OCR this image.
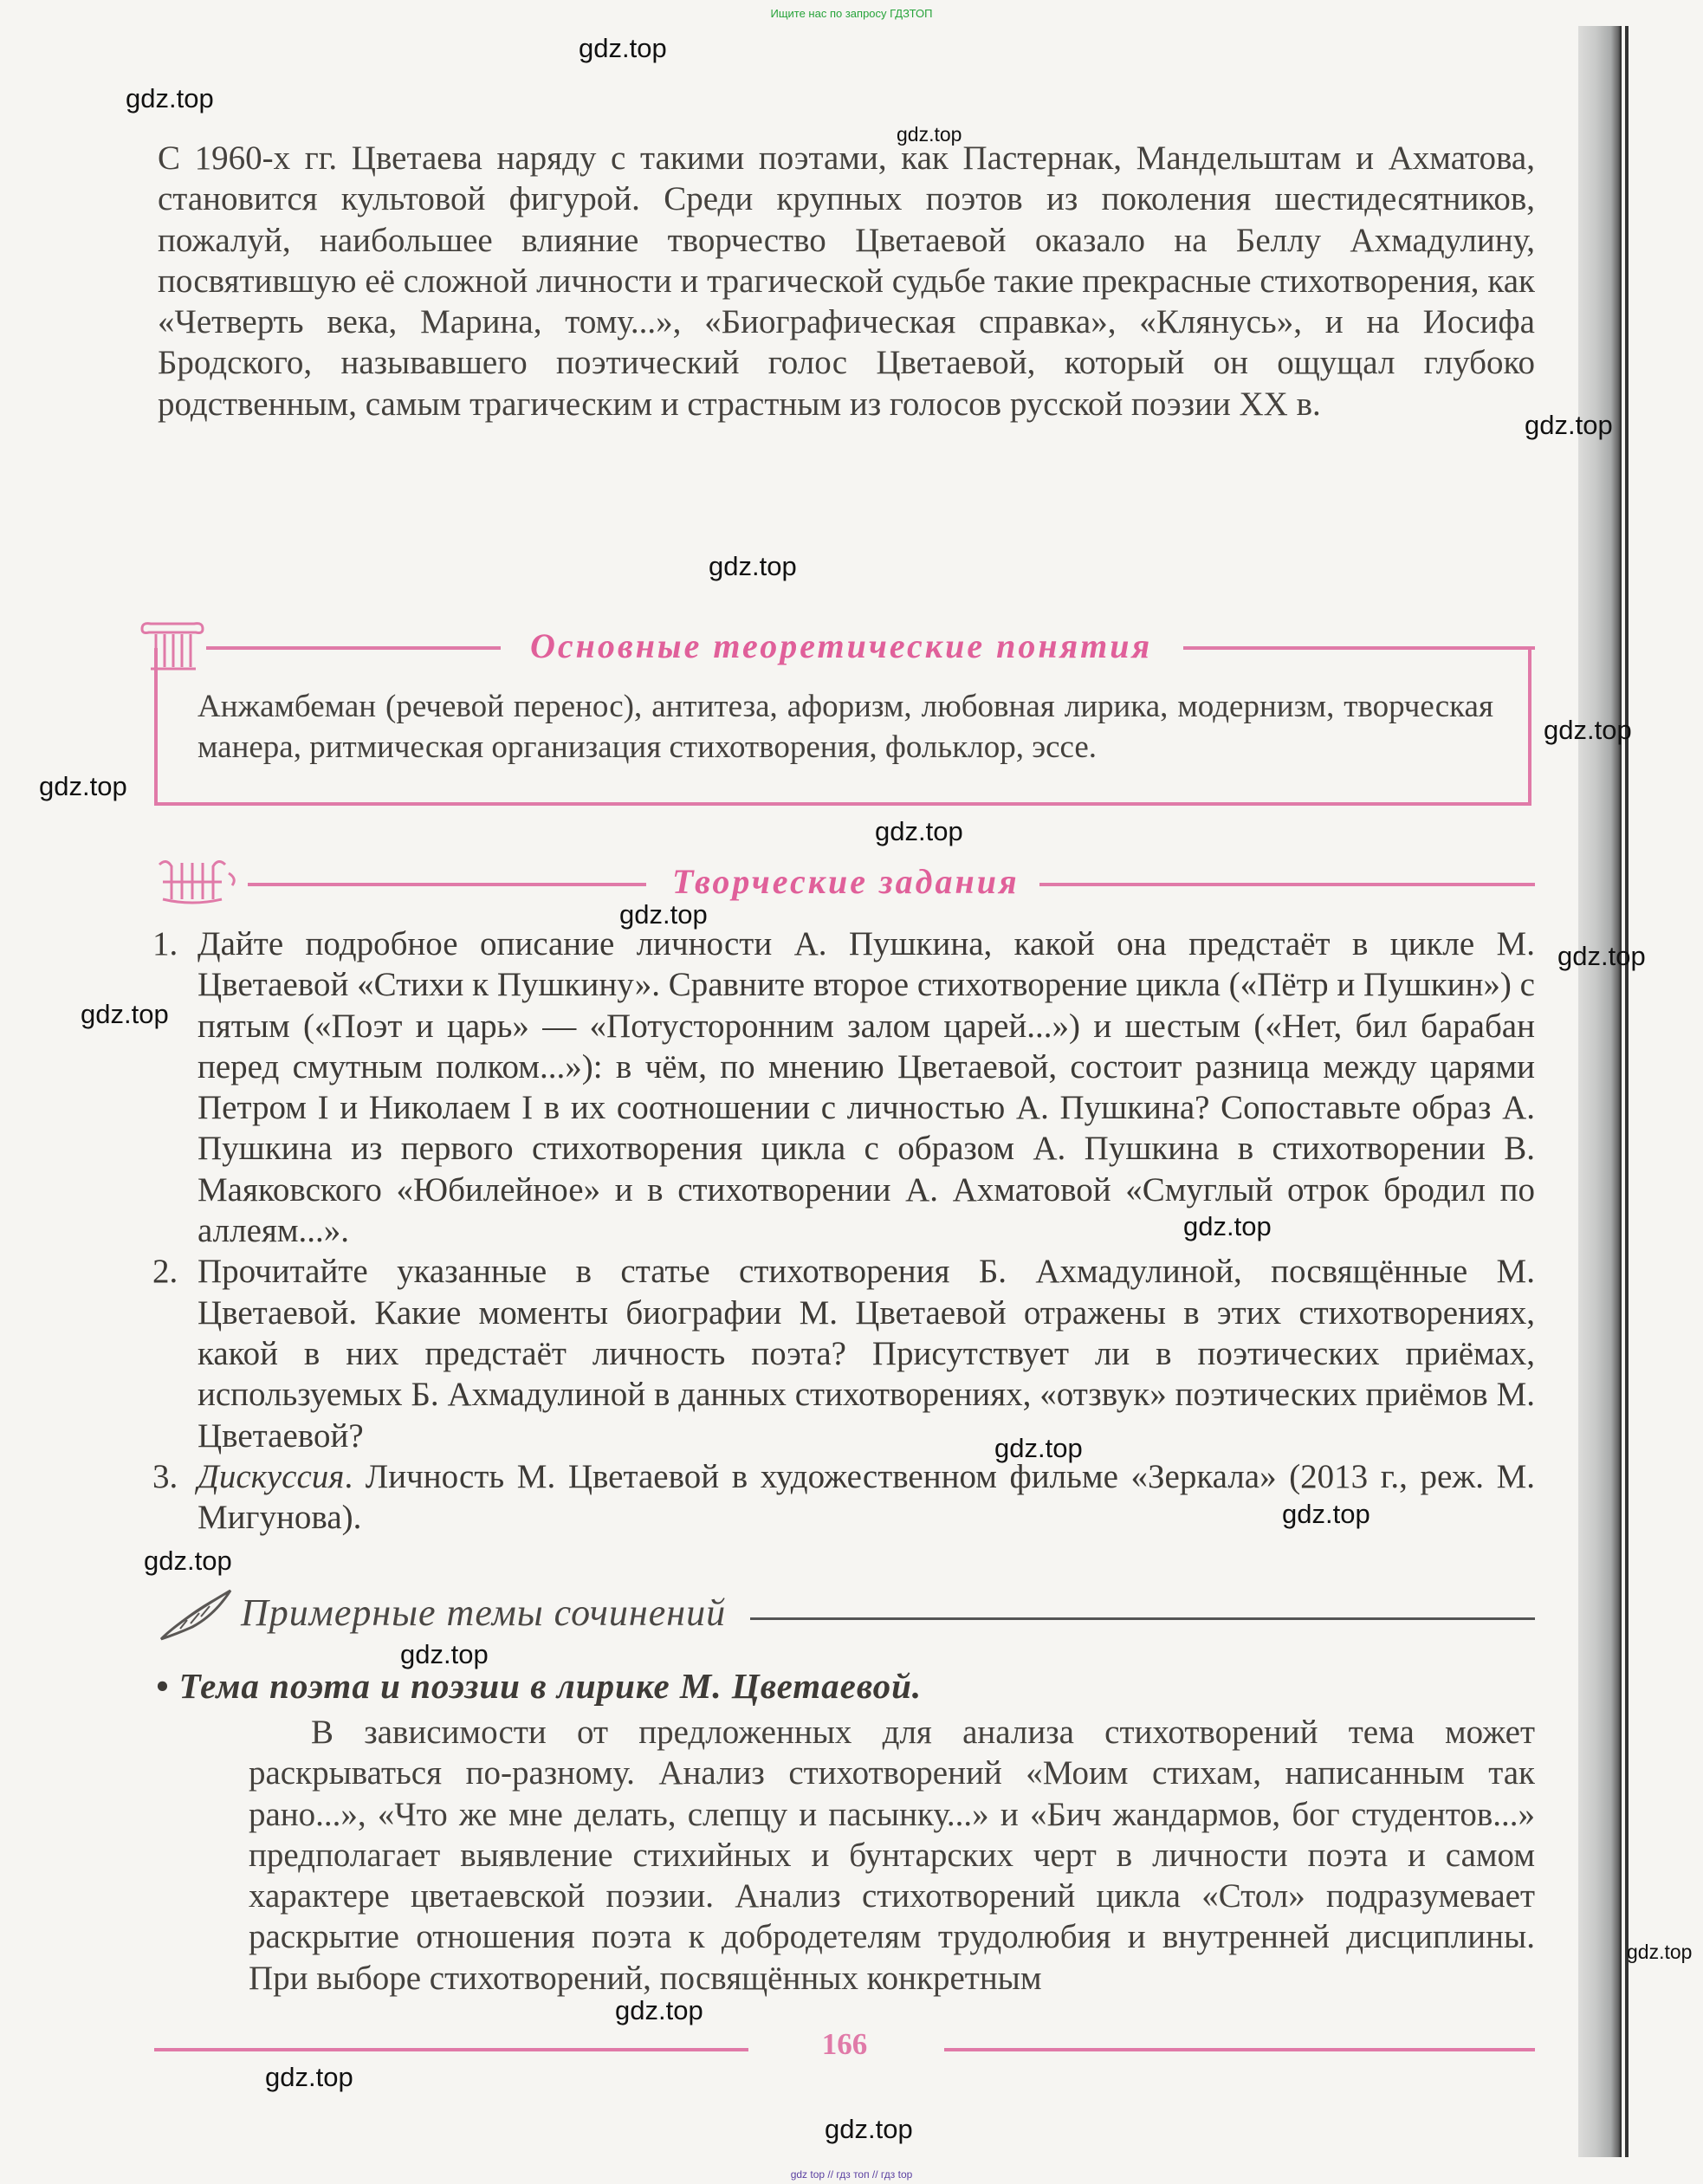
Ищите нас по запросу ГДЗТОП
gdz.top
gdz.top
gdz.top
gdz.top
gdz.top
gdz.top
gdz.top
gdz.top
gdz.top
gdz.top
gdz.top
gdz.top
gdz.top
gdz.top
gdz.top
gdz.top
gdz.top
gdz.top
gdz.top
gdz.top

С 1960-х гг. Цветаева наряду с такими поэтами, как Пастернак, Мандельштам и Ахматова, становится культовой фигурой. Среди крупных поэтов из поколения шестидесятников, пожалуй, наибольшее влияние творчество Цветаевой оказало на Беллу Ахмадулину, посвятившую её сложной личности и трагической судьбе такие прекрасные стихотворения, как «Четверть века, Марина, тому...», «Биографическая справка», «Клянусь», и на Иосифа Бродского, называвшего поэтический голос Цветаевой, который он ощущал глубоко родственным, самым трагическим и страстным из голосов русской поэзии XX в.

Основные теоретические понятия

Анжамбеман (речевой перенос), антитеза, афоризм, любовная лирика, модернизм, творческая манера, ритмическая организация стихотворения, фольклор, эссе.

Творческие задания
1. Дайте подробное описание личности А. Пушкина, какой она предстаёт в цикле М. Цветаевой «Стихи к Пушкину». Сравните второе стихотворение цикла («Пётр и Пушкин») с пятым («Поэт и царь» — «Потусторонним залом царей...») и шестым («Нет, бил барабан перед смутным полком...»): в чём, по мнению Цветаевой, состоит разница между царями Петром I и Николаем I в их соотношении с личностью А. Пушкина? Сопоставьте образ А. Пушкина из первого стихотворения цикла с образом А. Пушкина в стихотворении В. Маяковского «Юбилейное» и в стихотворении А. Ахматовой «Смуглый отрок бродил по аллеям...».
2. Прочитайте указанные в статье стихотворения Б. Ахмадулиной, посвящённые М. Цветаевой. Какие моменты биографии М. Цветаевой отражены в этих стихотворениях, какой в них предстаёт личность поэта? Присутствует ли в поэтических приёмах, используемых Б. Ахмадулиной в данных стихотворениях, «отзвук» поэтических приёмов М. Цветаевой?
3. Дискуссия. Личность М. Цветаевой в художественном фильме «Зеркала» (2013 г., реж. М. Мигунова).
Примерные темы сочинений
• Тема поэта и поэзии в лирике М. Цветаевой.

В зависимости от предложенных для анализа стихотворений тема может раскрываться по-разному. Анализ стихотворений «Моим стихам, написанным так рано...», «Что же мне делать, слепцу и пасынку...» и «Бич жандармов, бог студентов...» предполагает выявление стихийных и бунтарских черт в личности поэта и самом характере цветаевской поэзии. Анализ стихотворений цикла «Стол» подразумевает раскрытие отношения поэта к добродетелям трудолюбия и внутренней дисциплины. При выборе стихотворений, посвящённых конкретным

166
gdz top // гдз топ // гдз top
